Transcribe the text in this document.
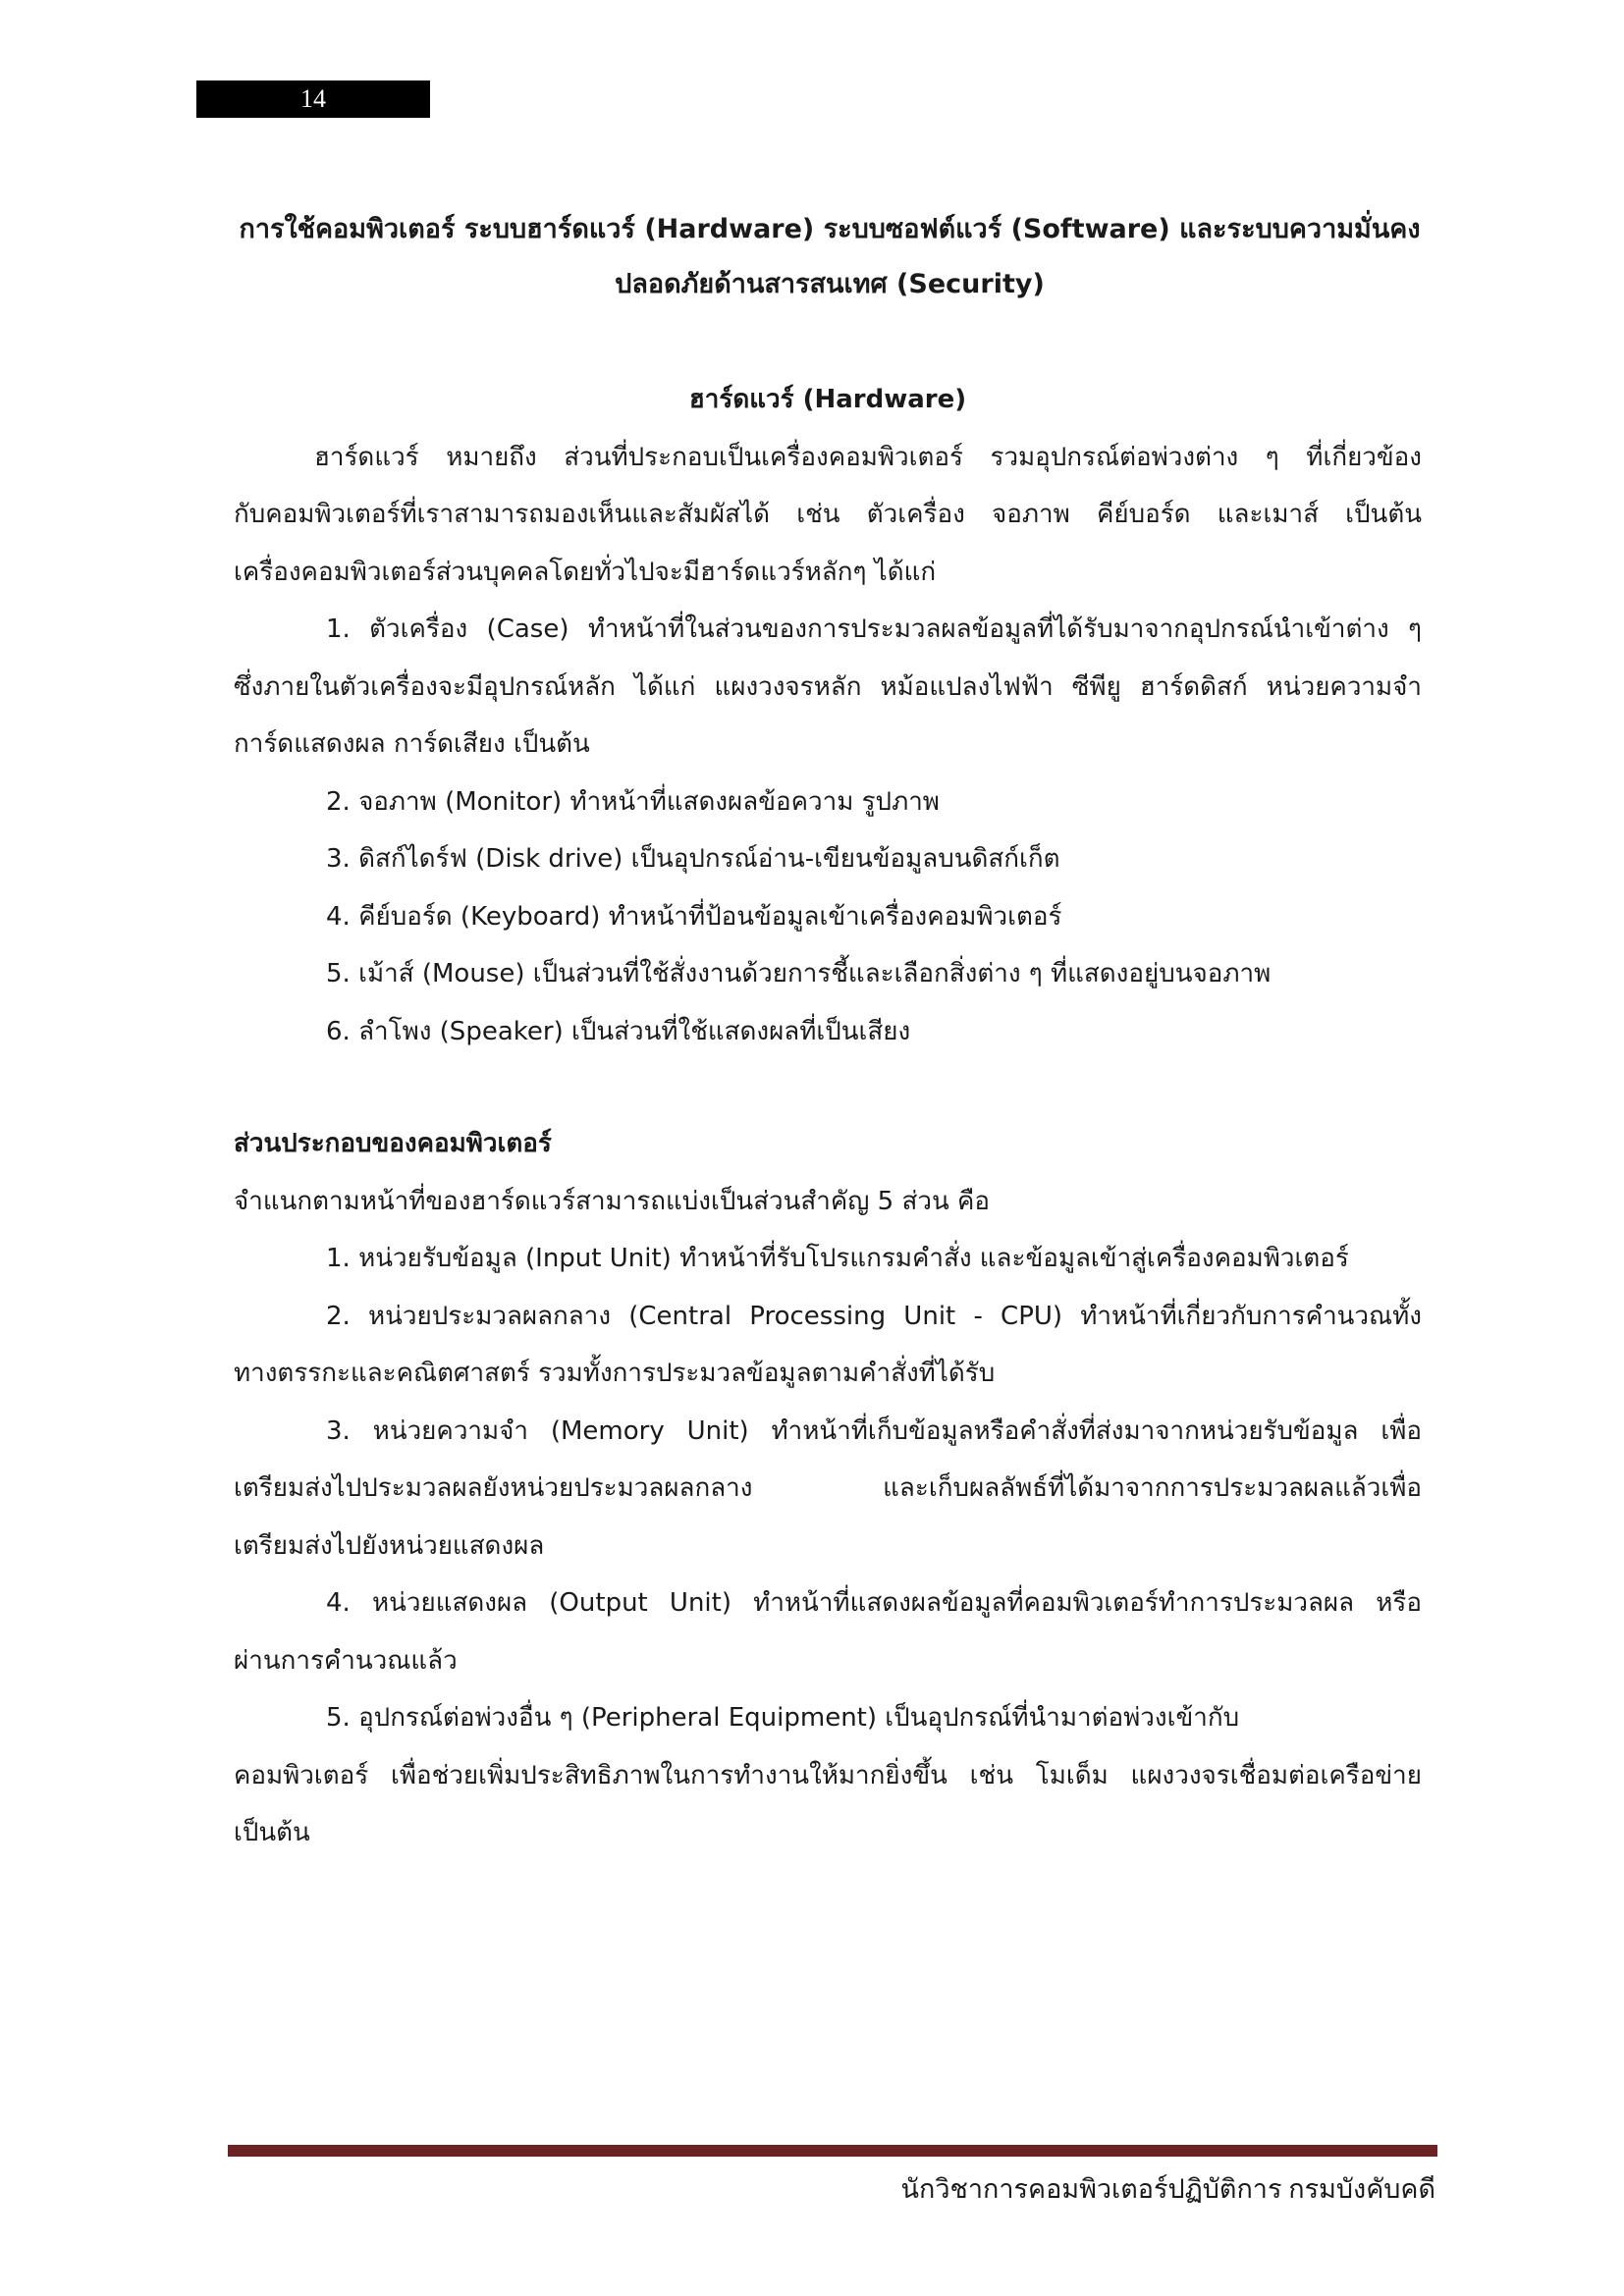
14
การใช้คอมพิวเตอร์ ระบบฮาร์ดแวร์ (Hardware) ระบบซอฟต์แวร์ (Software) และระบบความมั่นคง
ปลอดภัยด้านสารสนเทศ (Security)
ฮาร์ดแวร์ (Hardware)
ฮาร์ดแวร์ หมายถึง ส่วนที่ประกอบเป็นเครื่องคอมพิวเตอร์ รวมอุปกรณ์ต่อพ่วงต่าง ๆ ที่เกี่ยวข้อง
กับคอมพิวเตอร์ที่เราสามารถมองเห็นและสัมผัสได้ เช่น ตัวเครื่อง จอภาพ คีย์บอร์ด และเมาส์ เป็นต้น
เครื่องคอมพิวเตอร์ส่วนบุคคลโดยทั่วไปจะมีฮาร์ดแวร์หลักๆ ได้แก่
1. ตัวเครื่อง (Case) ทำหน้าที่ในส่วนของการประมวลผลข้อมูลที่ได้รับมาจากอุปกรณ์นำเข้าต่าง ๆ
ซึ่งภายในตัวเครื่องจะมีอุปกรณ์หลัก ได้แก่ แผงวงจรหลัก หม้อแปลงไฟฟ้า ซีพียู ฮาร์ดดิสก์ หน่วยความจำ
การ์ดแสดงผล การ์ดเสียง เป็นต้น
2. จอภาพ (Monitor) ทำหน้าที่แสดงผลข้อความ รูปภาพ
3. ดิสก์ไดร์ฟ (Disk drive) เป็นอุปกรณ์อ่าน-เขียนข้อมูลบนดิสก์เก็ต
4. คีย์บอร์ด (Keyboard) ทำหน้าที่ป้อนข้อมูลเข้าเครื่องคอมพิวเตอร์
5. เม้าส์ (Mouse) เป็นส่วนที่ใช้สั่งงานด้วยการชี้และเลือกสิ่งต่าง ๆ ที่แสดงอยู่บนจอภาพ
6. ลำโพง (Speaker) เป็นส่วนที่ใช้แสดงผลที่เป็นเสียง
ส่วนประกอบของคอมพิวเตอร์
จำแนกตามหน้าที่ของฮาร์ดแวร์สามารถแบ่งเป็นส่วนสำคัญ 5 ส่วน คือ
1. หน่วยรับข้อมูล (Input Unit) ทำหน้าที่รับโปรแกรมคำสั่ง และข้อมูลเข้าสู่เครื่องคอมพิวเตอร์
2. หน่วยประมวลผลกลาง (Central Processing Unit - CPU) ทำหน้าที่เกี่ยวกับการคำนวณทั้ง
ทางตรรกะและคณิตศาสตร์ รวมทั้งการประมวลข้อมูลตามคำสั่งที่ได้รับ
3. หน่วยความจำ (Memory Unit) ทำหน้าที่เก็บข้อมูลหรือคำสั่งที่ส่งมาจากหน่วยรับข้อมูล เพื่อ
เตรียมส่งไปประมวลผลยังหน่วยประมวลผลกลาง และเก็บผลลัพธ์ที่ได้มาจากการประมวลผลแล้วเพื่อ
เตรียมส่งไปยังหน่วยแสดงผล
4. หน่วยแสดงผล (Output Unit) ทำหน้าที่แสดงผลข้อมูลที่คอมพิวเตอร์ทำการประมวลผล หรือ
ผ่านการคำนวณแล้ว
5. อุปกรณ์ต่อพ่วงอื่น ๆ (Peripheral Equipment) เป็นอุปกรณ์ที่นำมาต่อพ่วงเข้ากับ
คอมพิวเตอร์ เพื่อช่วยเพิ่มประสิทธิภาพในการทำงานให้มากยิ่งขึ้น เช่น โมเด็ม แผงวงจรเชื่อมต่อเครือข่าย
เป็นต้น
นักวิชาการคอมพิวเตอร์ปฏิบัติการ กรมบังคับคดี
